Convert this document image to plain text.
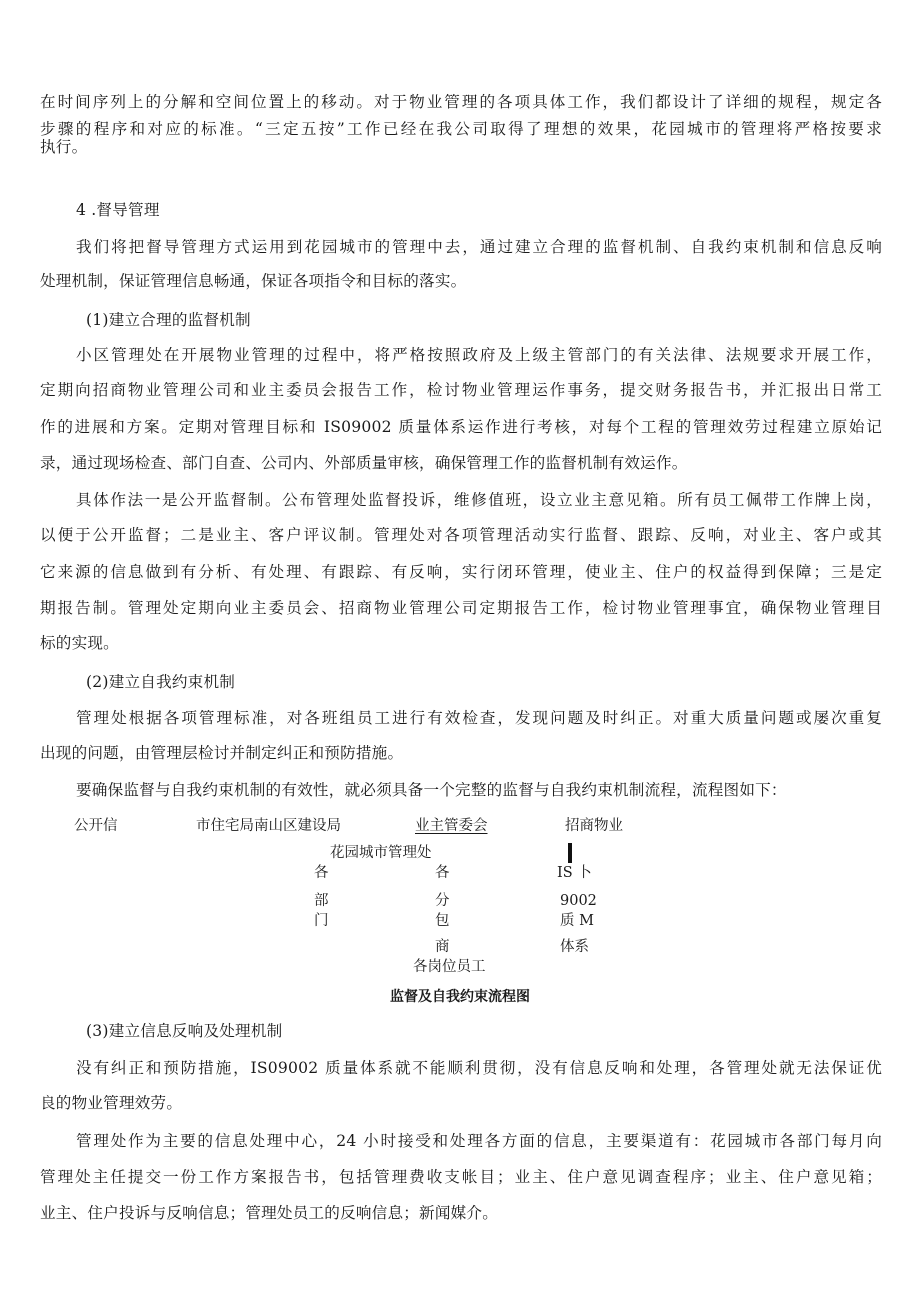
在时间序列上的分解和空间位置上的移动。对于物业管理的各项具体工作，我们都设计了详细的规程，规定各
步骤的程序和对应的标准。“三定五按”工作已经在我公司取得了理想的效果，花园城市的管理将严格按要求
执行。
4 .督导管理
我们将把督导管理方式运用到花园城市的管理中去，通过建立合理的监督机制、自我约束机制和信息反响
处理机制，保证管理信息畅通，保证各项指令和目标的落实。
(1)建立合理的监督机制
小区管理处在开展物业管理的过程中，将严格按照政府及上级主管部门的有关法律、法规要求开展工作，
定期向招商物业管理公司和业主委员会报告工作，检讨物业管理运作事务，提交财务报告书，并汇报出日常工
作的进展和方案。定期对管理目标和 IS09002 质量体系运作进行考核，对每个工程的管理效劳过程建立原始记
录，通过现场检查、部门自查、公司内、外部质量审核，确保管理工作的监督机制有效运作。
具体作法一是公开监督制。公布管理处监督投诉，维修值班，设立业主意见箱。所有员工佩带工作牌上岗，
以便于公开监督；二是业主、客户评议制。管理处对各项管理活动实行监督、跟踪、反响，对业主、客户或其
它来源的信息做到有分析、有处理、有跟踪、有反响，实行闭环管理，使业主、住户的权益得到保障；三是定
期报告制。管理处定期向业主委员会、招商物业管理公司定期报告工作，检讨物业管理事宜，确保物业管理目
标的实现。
(2)建立自我约束机制
管理处根据各项管理标准，对各班组员工进行有效检查，发现问题及时纠正。对重大质量问题或屡次重复
出现的问题，由管理层检讨并制定纠正和预防措施。
要确保监督与自我约束机制的有效性，就必须具备一个完整的监督与自我约束机制流程，流程图如下：
公开信	市住宅局南山区建设局	业主管委会	招商物业
花园城市管理处
各
部
门
各
分
包
商
IS 卜
9002
质 M
体系
各岗位员工
监督及自我约束流程图
(3)建立信息反响及处理机制
没有纠正和预防措施，IS09002 质量体系就不能顺利贯彻，没有信息反响和处理，各管理处就无法保证优
良的物业管理效劳。
管理处作为主要的信息处理中心，24 小时接受和处理各方面的信息，主要渠道有：花园城市各部门每月向
管理处主任提交一份工作方案报告书，包括管理费收支帐目；业主、住户意见调查程序；业主、住户意见箱；
业主、住户投诉与反响信息；管理处员工的反响信息；新闻媒介。
